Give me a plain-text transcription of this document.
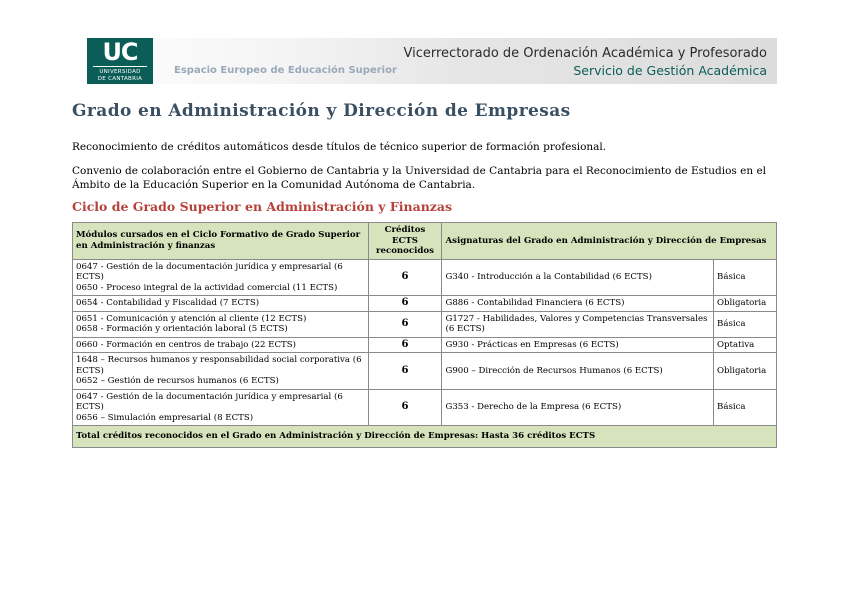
UC
UNIVERSIDAD
DE CANTABRIA
Espacio Europeo de Educación Superior
Vicerrectorado de Ordenación Académica y Profesorado
Servicio de Gestión Académica
Grado en Administración y Dirección de Empresas
Reconocimiento de créditos automáticos desde títulos de técnico superior de formación profesional.
Convenio de colaboración entre el Gobierno de Cantabria y la Universidad de Cantabria para el Reconocimiento de Estudios en el Ámbito de la Educación Superior en la Comunidad Autónoma de Cantabria.
Ciclo de Grado Superior en Administración y Finanzas
Módulos cursados en el Ciclo Formativo de Grado Superior en Administración y finanzas	Créditos ECTS reconocidos	Asignaturas del Grado en Administración y Dirección de Empresas	

0647 - Gestión de la documentación jurídica y empresarial (6 ECTS)
0650 - Proceso integral de la actividad comercial (11 ECTS)	6	G340 - Introducción a la Contabilidad (6 ECTS)	Básica

0654 - Contabilidad y Fiscalidad (7 ECTS)	6	G886 - Contabilidad Financiera (6 ECTS)	Obligatoria

0651 - Comunicación y atención al cliente (12 ECTS)
0658 - Formación y orientación laboral (5 ECTS)	6	G1727 - Habilidades, Valores y Competencias Transversales (6 ECTS)	Básica

0660 - Formación en centros de trabajo (22 ECTS)	6	G930 - Prácticas en Empresas (6 ECTS)	Optativa

1648 – Recursos humanos y responsabilidad social corporativa (6 ECTS)
0652 – Gestión de recursos humanos (6 ECTS)	6	G900 – Dirección de Recursos Humanos (6 ECTS)	Obligatoria

0647 - Gestión de la documentación jurídica y empresarial (6 ECTS)
0656 – Simulación empresarial (8 ECTS)	6	G353 - Derecho de la Empresa (6 ECTS)	Básica
Total créditos reconocidos en el Grado en Administración y Dirección de Empresas: Hasta 36 créditos ECTS			
